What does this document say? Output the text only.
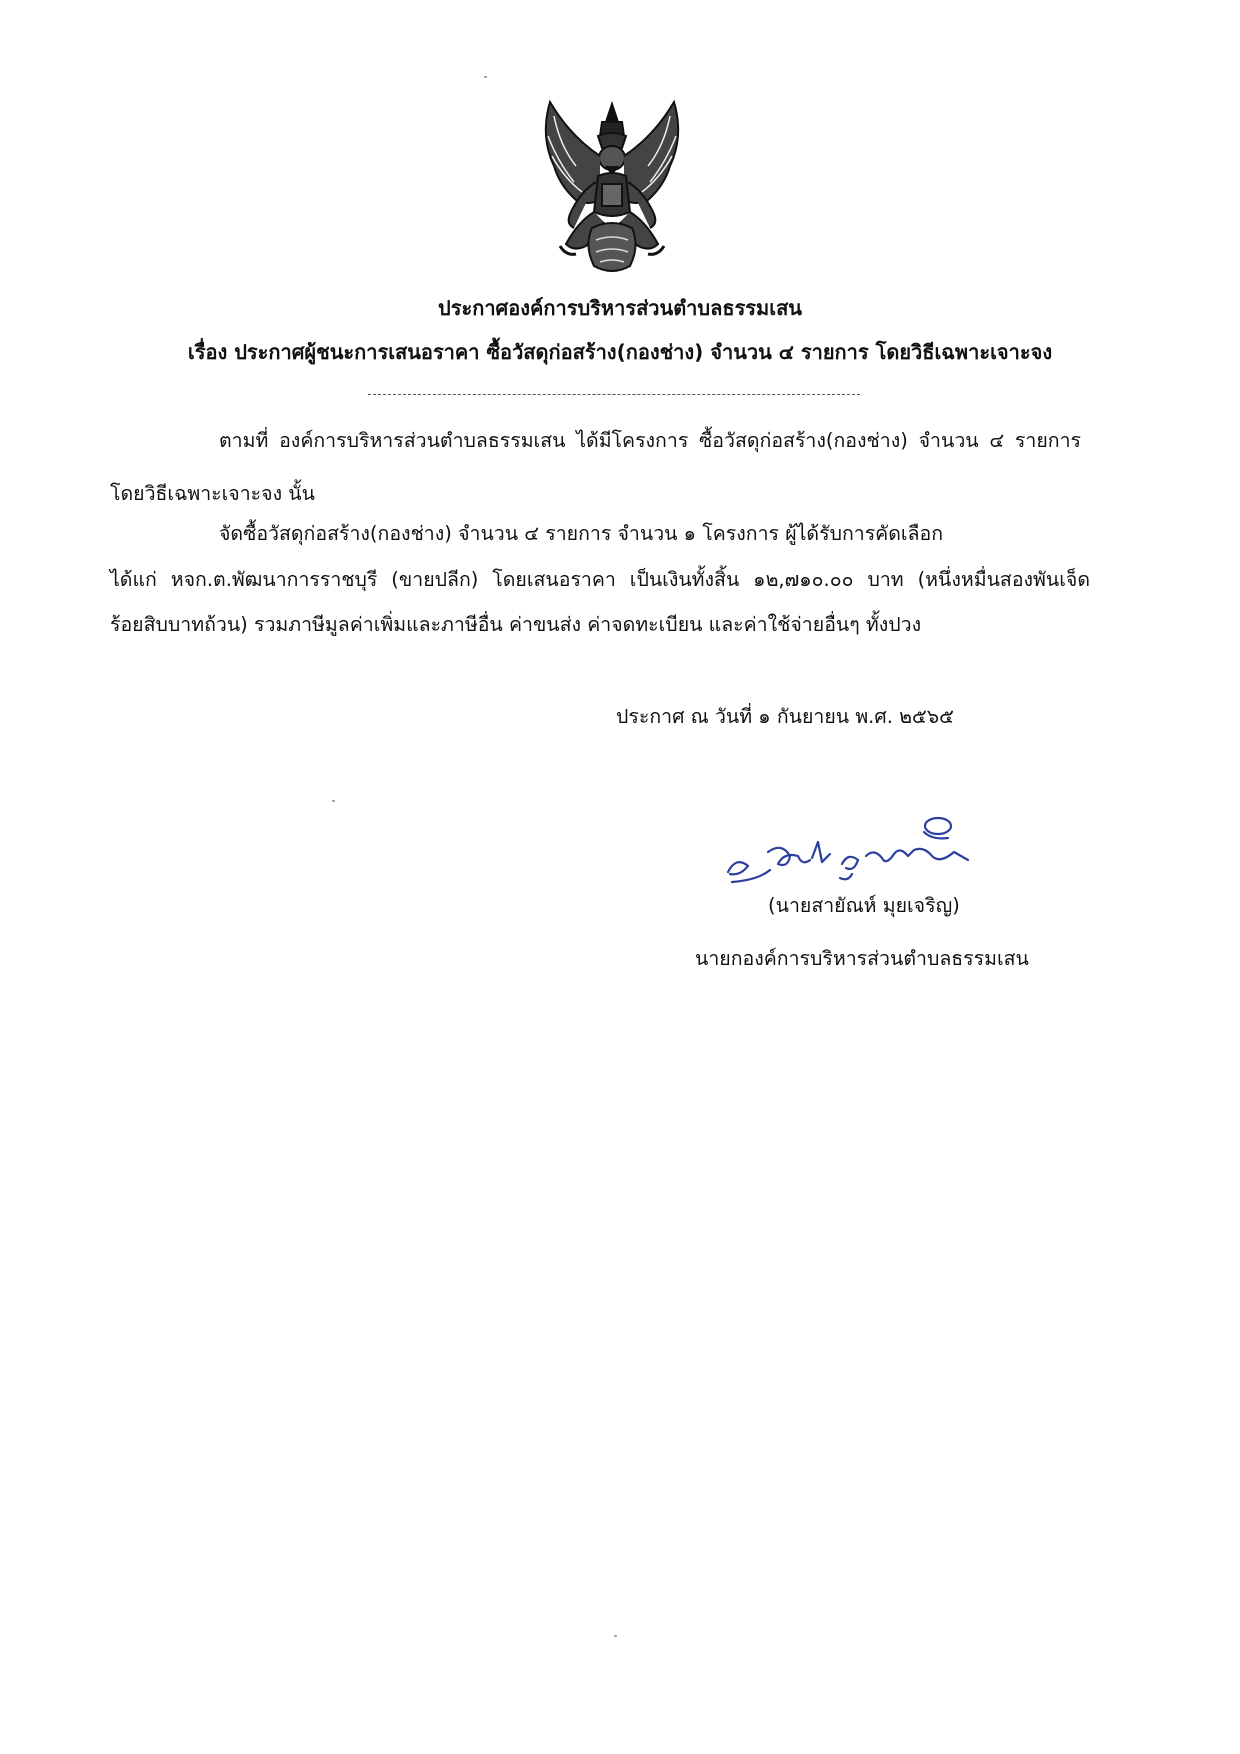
ประกาศองค์การบริหารส่วนตำบลธรรมเสน
เรื่อง ประกาศผู้ชนะการเสนอราคา ซื้อวัสดุก่อสร้าง(กองช่าง) จำนวน ๔ รายการ โดยวิธีเฉพาะเจาะจง
ตามที่ องค์การบริหารส่วนตำบลธรรมเสน ได้มีโครงการ ซื้อวัสดุก่อสร้าง(กองช่าง) จำนวน ๔ รายการ
โดยวิธีเฉพาะเจาะจง นั้น
จัดซื้อวัสดุก่อสร้าง(กองช่าง) จำนวน ๔ รายการ จำนวน ๑ โครงการ ผู้ได้รับการคัดเลือก
ได้แก่ หจก.ต.พัฒนาการราชบุรี (ขายปลีก) โดยเสนอราคา เป็นเงินทั้งสิ้น ๑๒,๗๑๐.๐๐ บาท (หนึ่งหมื่นสองพันเจ็ด
ร้อยสิบบาทถ้วน) รวมภาษีมูลค่าเพิ่มและภาษีอื่น ค่าขนส่ง ค่าจดทะเบียน และค่าใช้จ่ายอื่นๆ ทั้งปวง
ประกาศ ณ วันที่ ๑ กันยายน พ.ศ. ๒๕๖๕
(นายสายัณห์ มุยเจริญ)
นายกองค์การบริหารส่วนตำบลธรรมเสน
